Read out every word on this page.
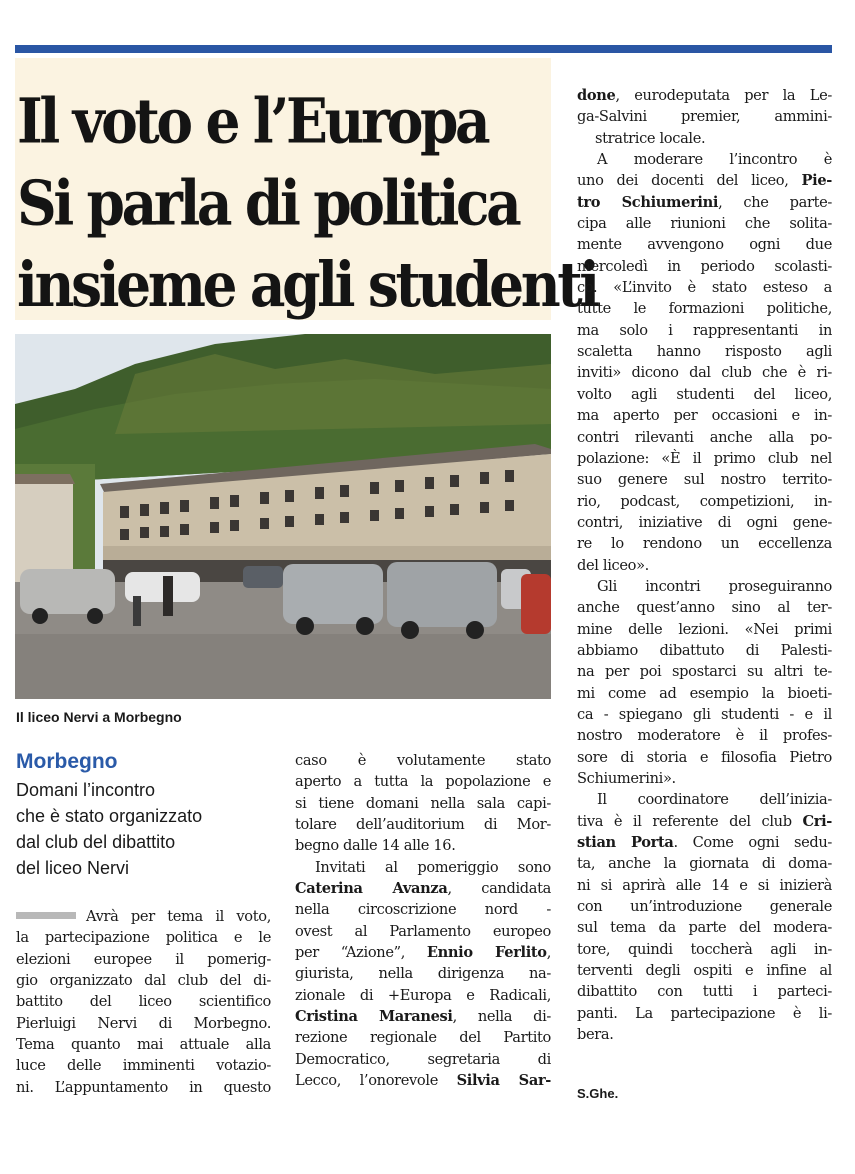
Il voto e l’Europa
Si parla di politica
insieme agli studenti
Il liceo Nervi a Morbegno
Morbegno
Domani l’incontro
che è stato organizzato
dal club del dibattito
del liceo Nervi
Avrà per tema il voto,
la partecipazione politica e le
elezioni europee il pomerig-
gio organizzato dal club del di-
battito del liceo scientifico
Pierluigi Nervi di Morbegno.
Tema quanto mai attuale alla
luce delle imminenti votazio-
ni. L’appuntamento in questo
caso è volutamente stato
aperto a tutta la popolazione e
si tiene domani nella sala capi-
tolare dell’auditorium di Mor-
begno dalle 14 alle 16.
Invitati al pomeriggio sono
Caterina Avanza, candidata
nella circoscrizione nord -
ovest al Parlamento europeo
per “Azione”, Ennio Ferlito,
giurista, nella dirigenza na-
zionale di +Europa e Radicali,
Cristina Maranesi, nella di-
rezione regionale del Partito
Democratico, segretaria di
Lecco, l’onorevole Silvia Sar-
done, eurodeputata per la Le-
ga-Salvini premier, ammini-
stratrice locale.
A moderare l’incontro è
uno dei docenti del liceo, Pie-
tro Schiumerini, che parte-
cipa alle riunioni che solita-
mente avvengono ogni due
mercoledì in periodo scolasti-
co. «L’invito è stato esteso a
tutte le formazioni politiche,
ma solo i rappresentanti in
scaletta hanno risposto agli
inviti» dicono dal club che è ri-
volto agli studenti del liceo,
ma aperto per occasioni e in-
contri rilevanti anche alla po-
polazione: «È il primo club nel
suo genere sul nostro territo-
rio, podcast, competizioni, in-
contri, iniziative di ogni gene-
re lo rendono un eccellenza
del liceo».
Gli incontri proseguiranno
anche quest’anno sino al ter-
mine delle lezioni. «Nei primi
abbiamo dibattuto di Palesti-
na per poi spostarci su altri te-
mi come ad esempio la bioeti-
ca - spiegano gli studenti - e il
nostro moderatore è il profes-
sore di storia e filosofia Pietro
Schiumerini».
Il coordinatore dell’inizia-
tiva è il referente del club Cri-
stian Porta. Come ogni sedu-
ta, anche la giornata di doma-
ni si aprirà alle 14 e si inizierà
con un’introduzione generale
sul tema da parte del modera-
tore, quindi toccherà agli in-
terventi degli ospiti e infine al
dibattito con tutti i parteci-
panti. La partecipazione è li-
bera.
S.Ghe.
